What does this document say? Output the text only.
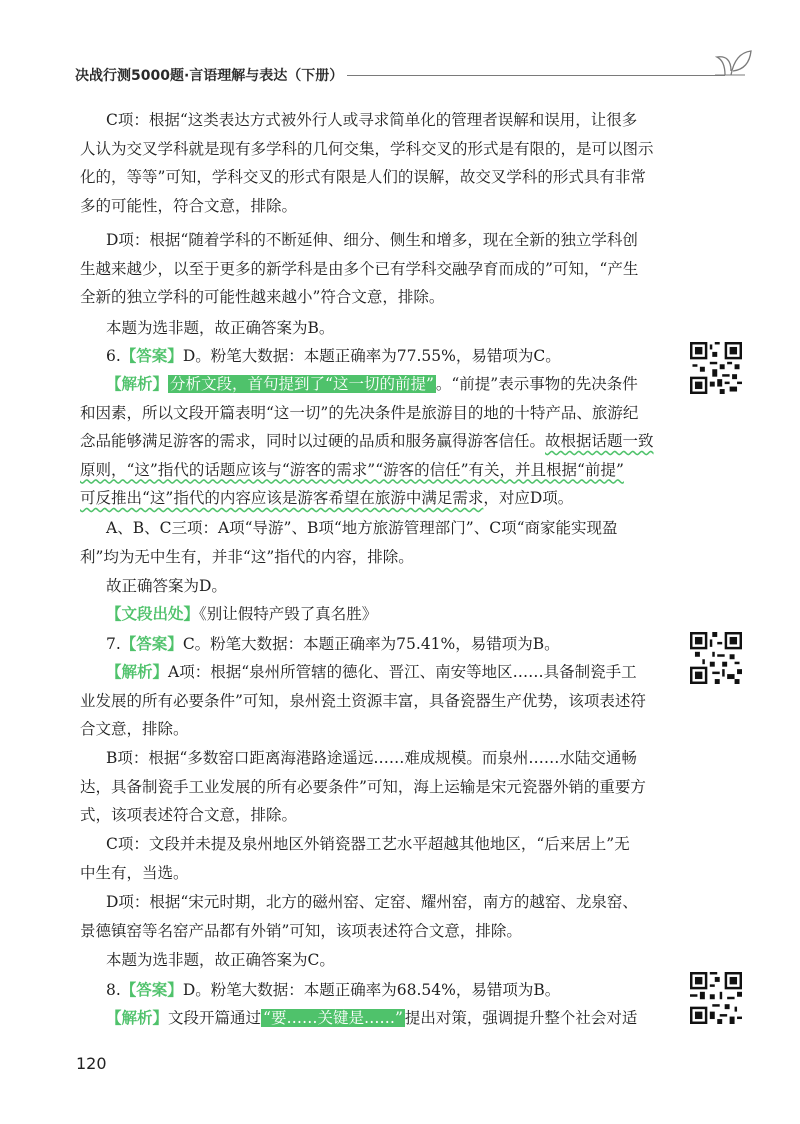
决战行测5000题·言语理解与表达（下册）
C项：根据“这类表达方式被外行人或寻求简单化的管理者误解和误用，让很多
人认为交叉学科就是现有多学科的几何交集，学科交叉的形式是有限的，是可以图示
化的，等等”可知，学科交叉的形式有限是人们的误解，故交叉学科的形式具有非常
多的可能性，符合文意，排除。
D项：根据“随着学科的不断延伸、细分、侧生和增多，现在全新的独立学科创
生越来越少，以至于更多的新学科是由多个已有学科交融孕育而成的”可知，“产生
全新的独立学科的可能性越来越小”符合文意，排除。
本题为选非题，故正确答案为B。
6.【答案】D。粉笔大数据：本题正确率为77.55%，易错项为C。
【解析】 分析文段，首句提到了“这一切的前提” 。“前提”表示事物的先决条件
和因素，所以文段开篇表明“这一切”的先决条件是旅游目的地的十特产品、旅游纪
念品能够满足游客的需求，同时以过硬的品质和服务赢得游客信任。故根据话题一致
原则，“这”指代的话题应该与“游客的需求”“游客的信任”有关，并且根据“前提”
可反推出“这”指代的内容应该是游客希望在旅游中满足需求，对应D项。
A、B、C三项：A项“导游”、B项“地方旅游管理部门”、C项“商家能实现盈
利”均为无中生有，并非“这”指代的内容，排除。
故正确答案为D。
【文段出处】《别让假特产毁了真名胜》
7.【答案】C。粉笔大数据：本题正确率为75.41%，易错项为B。
【解析】A项：根据“泉州所管辖的德化、晋江、南安等地区……具备制瓷手工
业发展的所有必要条件”可知，泉州瓷土资源丰富，具备瓷器生产优势，该项表述符
合文意，排除。
B项：根据“多数窑口距离海港路途遥远……难成规模。而泉州……水陆交通畅
达，具备制瓷手工业发展的所有必要条件”可知，海上运输是宋元瓷器外销的重要方
式，该项表述符合文意，排除。
C项：文段并未提及泉州地区外销瓷器工艺水平超越其他地区，“后来居上”无
中生有，当选。
D项：根据“宋元时期，北方的磁州窑、定窑、耀州窑，南方的越窑、龙泉窑、
景德镇窑等名窑产品都有外销”可知，该项表述符合文意，排除。
本题为选非题，故正确答案为C。
8.【答案】D。粉笔大数据：本题正确率为68.54%，易错项为B。
【解析】文段开篇通过 “要……关键是……” 提出对策，强调提升整个社会对适
120
